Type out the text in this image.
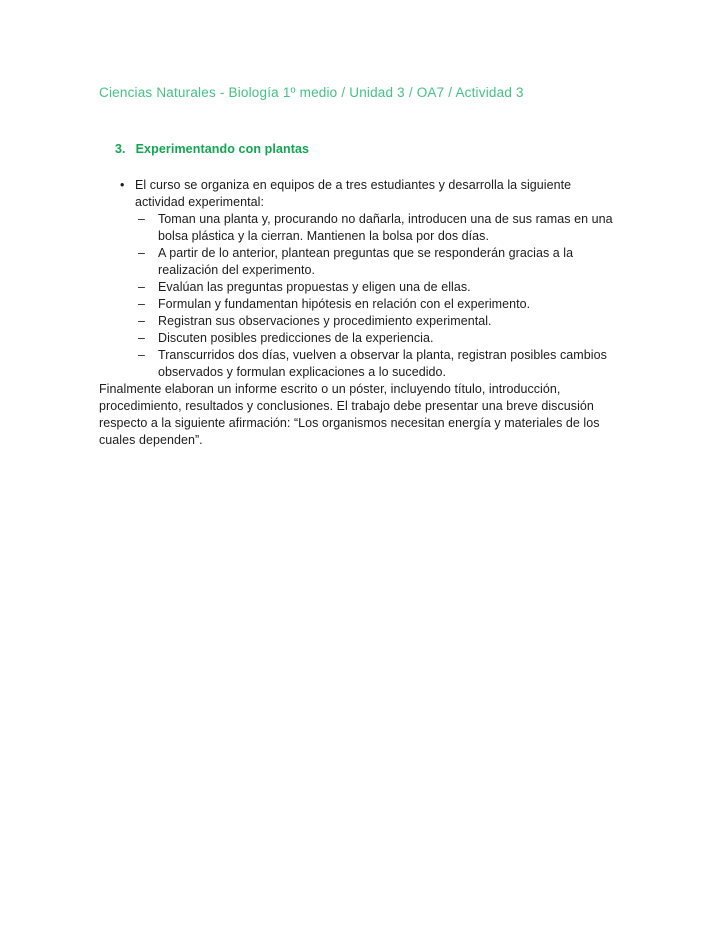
Ciencias Naturales - Biología 1º medio / Unidad 3 / OA7 / Actividad 3
3. Experimentando con plantas
• El curso se organiza en equipos de a tres estudiantes y desarrolla la siguiente actividad experimental:
–	Toman una planta y, procurando no dañarla, introducen una de sus ramas en una bolsa plástica y la cierran. Mantienen la bolsa por dos días.
–	A partir de lo anterior, plantean preguntas que se responderán gracias a la realización del experimento.
–	Evalúan las preguntas propuestas y eligen una de ellas.
–	Formulan y fundamentan hipótesis en relación con el experimento.
–	Registran sus observaciones y procedimiento experimental.
–	Discuten posibles predicciones de la experiencia.
–	Transcurridos dos días, vuelven a observar la planta, registran posibles cambios observados y formulan explicaciones a lo sucedido.

Finalmente elaboran un informe escrito o un póster, incluyendo título, introducción, procedimiento, resultados y conclusiones. El trabajo debe presentar una breve discusión respecto a la siguiente afirmación: “Los organismos necesitan energía y materiales de los cuales dependen”.
